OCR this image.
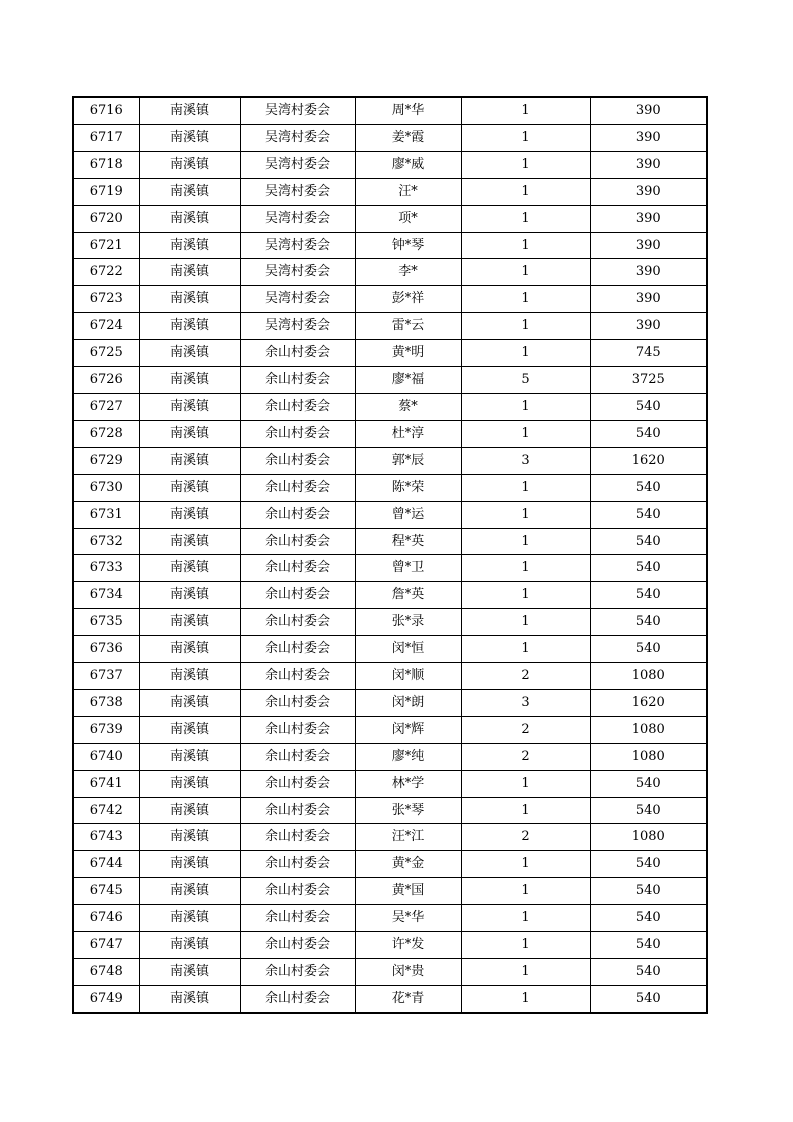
6716	南溪镇	吴湾村委会	周*华	1	390
6717	南溪镇	吴湾村委会	姜*霞	1	390
6718	南溪镇	吴湾村委会	廖*威	1	390
6719	南溪镇	吴湾村委会	汪*	1	390
6720	南溪镇	吴湾村委会	项*	1	390
6721	南溪镇	吴湾村委会	钟*琴	1	390
6722	南溪镇	吴湾村委会	李*	1	390
6723	南溪镇	吴湾村委会	彭*祥	1	390
6724	南溪镇	吴湾村委会	雷*云	1	390
6725	南溪镇	余山村委会	黄*明	1	745
6726	南溪镇	余山村委会	廖*福	5	3725
6727	南溪镇	余山村委会	蔡*	1	540
6728	南溪镇	余山村委会	杜*淳	1	540
6729	南溪镇	余山村委会	郭*辰	3	1620
6730	南溪镇	余山村委会	陈*荣	1	540
6731	南溪镇	余山村委会	曾*运	1	540
6732	南溪镇	余山村委会	程*英	1	540
6733	南溪镇	余山村委会	曾*卫	1	540
6734	南溪镇	余山村委会	詹*英	1	540
6735	南溪镇	余山村委会	张*录	1	540
6736	南溪镇	余山村委会	闵*恒	1	540
6737	南溪镇	余山村委会	闵*顺	2	1080
6738	南溪镇	余山村委会	闵*朗	3	1620
6739	南溪镇	余山村委会	闵*辉	2	1080
6740	南溪镇	余山村委会	廖*纯	2	1080
6741	南溪镇	余山村委会	林*学	1	540
6742	南溪镇	余山村委会	张*琴	1	540
6743	南溪镇	余山村委会	汪*江	2	1080
6744	南溪镇	余山村委会	黄*金	1	540
6745	南溪镇	余山村委会	黄*国	1	540
6746	南溪镇	余山村委会	吴*华	1	540
6747	南溪镇	余山村委会	许*发	1	540
6748	南溪镇	余山村委会	闵*贵	1	540
6749	南溪镇	余山村委会	花*青	1	540
